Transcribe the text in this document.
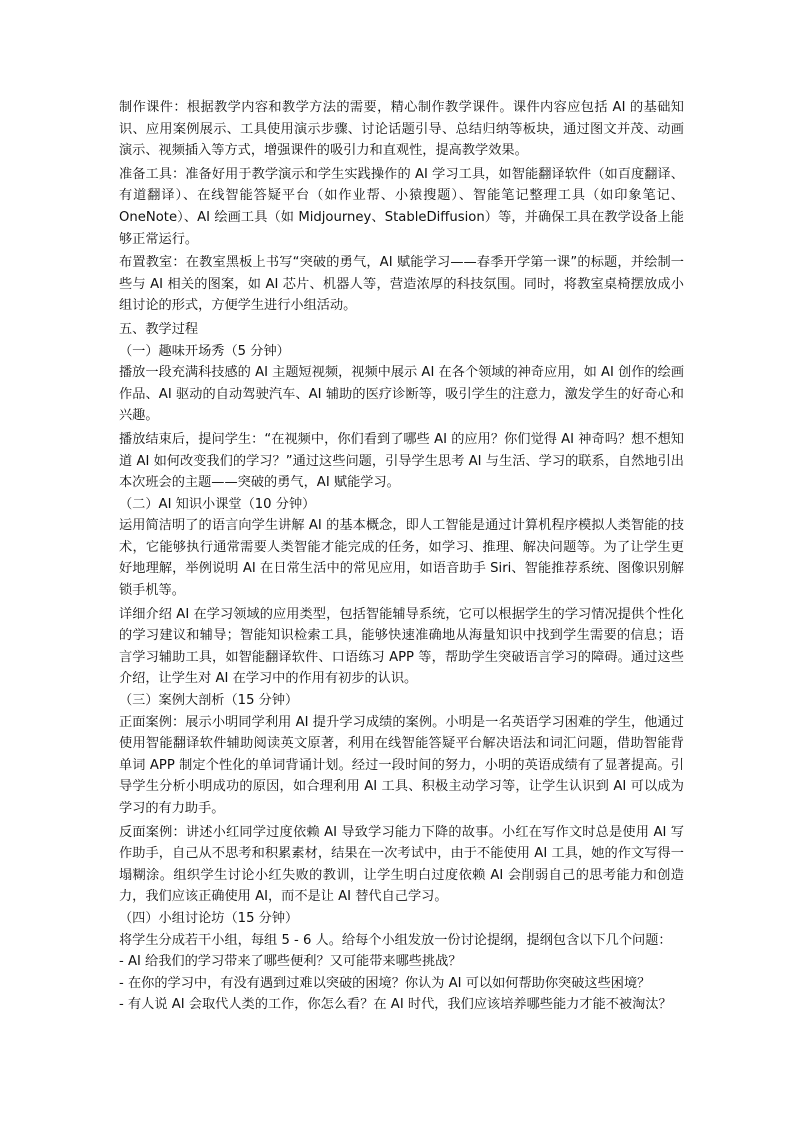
制作课件：根据教学内容和教学方法的需要，精心制作教学课件。课件内容应包括 AI 的基础知识、应用案例展示、工具使用演示步骤、讨论话题引导、总结归纳等板块，通过图文并茂、动画演示、视频插入等方式，增强课件的吸引力和直观性，提高教学效果。

准备工具：准备好用于教学演示和学生实践操作的 AI 学习工具，如智能翻译软件（如百度翻译、有道翻译）、在线智能答疑平台（如作业帮、小猿搜题）、智能笔记整理工具（如印象笔记、OneNote）、AI 绘画工具（如 Midjourney、StableDiffusion）等，并确保工具在教学设备上能够正常运行。

布置教室：在教室黑板上书写“突破的勇气，AI 赋能学习——春季开学第一课”的标题，并绘制一些与 AI 相关的图案，如 AI 芯片、机器人等，营造浓厚的科技氛围。同时，将教室桌椅摆放成小组讨论的形式，方便学生进行小组活动。

五、教学过程

（一）趣味开场秀（5 分钟）

播放一段充满科技感的 AI 主题短视频，视频中展示 AI 在各个领域的神奇应用，如 AI 创作的绘画作品、AI 驱动的自动驾驶汽车、AI 辅助的医疗诊断等，吸引学生的注意力，激发学生的好奇心和兴趣。

播放结束后，提问学生：“在视频中，你们看到了哪些 AI 的应用？你们觉得 AI 神奇吗？想不想知道 AI 如何改变我们的学习？”通过这些问题，引导学生思考 AI 与生活、学习的联系，自然地引出本次班会的主题——突破的勇气，AI 赋能学习。

（二）AI 知识小课堂（10 分钟）

运用简洁明了的语言向学生讲解 AI 的基本概念，即人工智能是通过计算机程序模拟人类智能的技术，它能够执行通常需要人类智能才能完成的任务，如学习、推理、解决问题等。为了让学生更好地理解，举例说明 AI 在日常生活中的常见应用，如语音助手 Siri、智能推荐系统、图像识别解锁手机等。

详细介绍 AI 在学习领域的应用类型，包括智能辅导系统，它可以根据学生的学习情况提供个性化的学习建议和辅导；智能知识检索工具，能够快速准确地从海量知识中找到学生需要的信息；语言学习辅助工具，如智能翻译软件、口语练习 APP 等，帮助学生突破语言学习的障碍。通过这些介绍，让学生对 AI 在学习中的作用有初步的认识。

（三）案例大剖析（15 分钟）

正面案例：展示小明同学利用 AI 提升学习成绩的案例。小明是一名英语学习困难的学生，他通过使用智能翻译软件辅助阅读英文原著，利用在线智能答疑平台解决语法和词汇问题，借助智能背单词 APP 制定个性化的单词背诵计划。经过一段时间的努力，小明的英语成绩有了显著提高。引导学生分析小明成功的原因，如合理利用 AI 工具、积极主动学习等，让学生认识到 AI 可以成为学习的有力助手。

反面案例：讲述小红同学过度依赖 AI 导致学习能力下降的故事。小红在写作文时总是使用 AI 写作助手，自己从不思考和积累素材，结果在一次考试中，由于不能使用 AI 工具，她的作文写得一塌糊涂。组织学生讨论小红失败的教训，让学生明白过度依赖 AI 会削弱自己的思考能力和创造力，我们应该正确使用 AI，而不是让 AI 替代自己学习。

（四）小组讨论坊（15 分钟）

将学生分成若干小组，每组 5 - 6 人。给每个小组发放一份讨论提纲，提纲包含以下几个问题：

- AI 给我们的学习带来了哪些便利？又可能带来哪些挑战？

- 在你的学习中，有没有遇到过难以突破的困境？你认为 AI 可以如何帮助你突破这些困境？

- 有人说 AI 会取代人类的工作，你怎么看？在 AI 时代，我们应该培养哪些能力才能不被淘汰？
